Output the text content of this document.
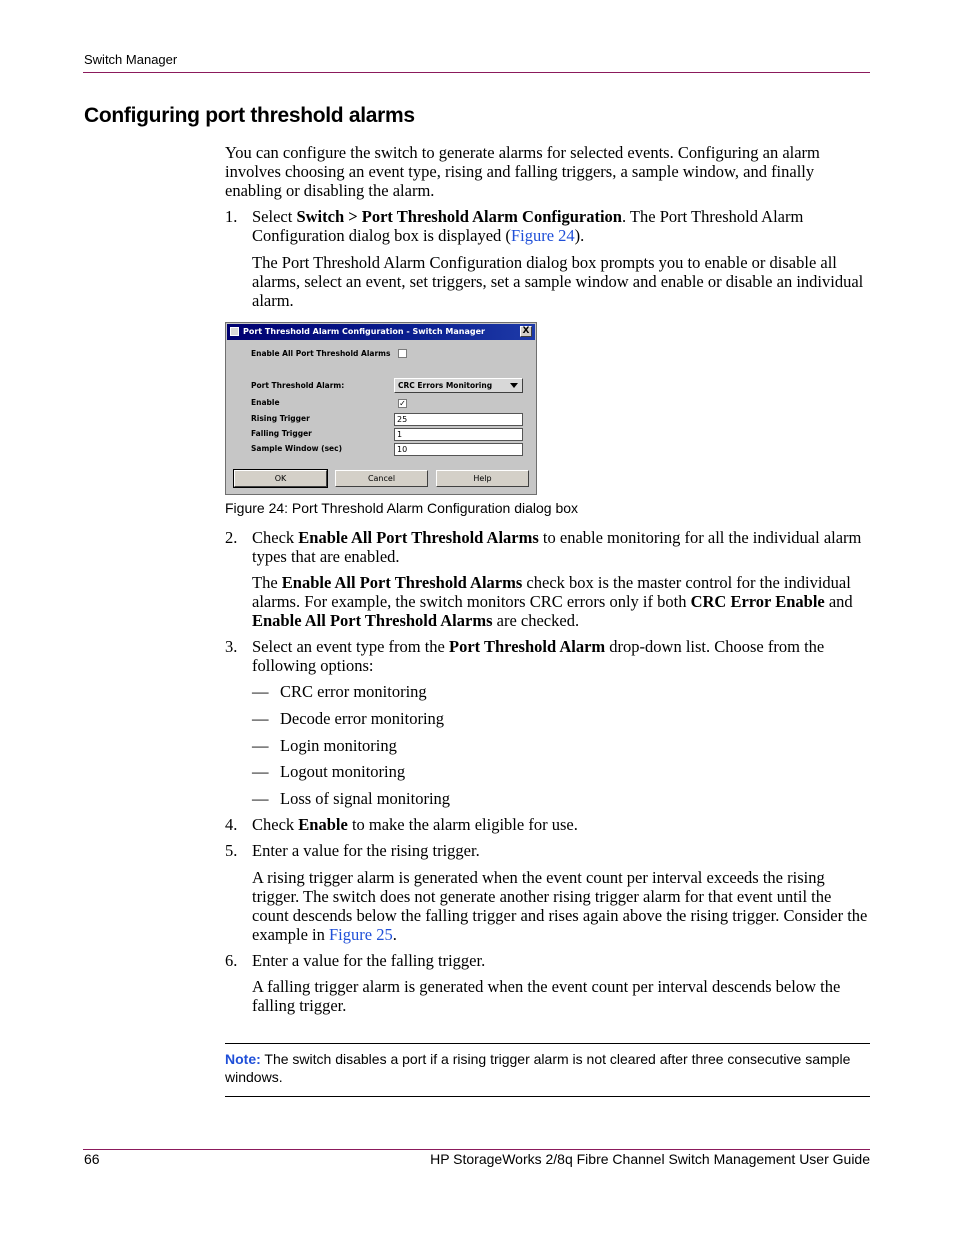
Switch Manager
Configuring port threshold alarms
You can configure the switch to generate alarms for selected events. Configuring an alarm involves choosing an event type, rising and falling triggers, a sample window, and finally enabling or disabling the alarm.
1. Select Switch > Port Threshold Alarm Configuration. The Port Threshold Alarm Configuration dialog box is displayed (Figure 24).
The Port Threshold Alarm Configuration dialog box prompts you to enable or disable all alarms, select an event, set triggers, set a sample window and enable or disable an individual alarm.
Port Threshold Alarm Configuration - Switch Manager	X
Enable All Port Threshold Alarms
Port Threshold Alarm:	CRC Errors Monitoring
Enable	✓
Rising Trigger	25
Falling Trigger	1
Sample Window (sec)	10
OK	Cancel	Help
Figure 24: Port Threshold Alarm Configuration dialog box
2. Check Enable All Port Threshold Alarms to enable monitoring for all the individual alarm types that are enabled.
The Enable All Port Threshold Alarms check box is the master control for the individual alarms. For example, the switch monitors CRC errors only if both CRC Error Enable and Enable All Port Threshold Alarms are checked.
3. Select an event type from the Port Threshold Alarm drop-down list. Choose from the following options:
— CRC error monitoring
— Decode error monitoring
— Login monitoring
— Logout monitoring
— Loss of signal monitoring
4. Check Enable to make the alarm eligible for use.
5. Enter a value for the rising trigger.
A rising trigger alarm is generated when the event count per interval exceeds the rising trigger. The switch does not generate another rising trigger alarm for that event until the count descends below the falling trigger and rises again above the rising trigger. Consider the example in Figure 25.
6. Enter a value for the falling trigger.
A falling trigger alarm is generated when the event count per interval descends below the falling trigger.
Note: The switch disables a port if a rising trigger alarm is not cleared after three consecutive sample windows.
66	HP StorageWorks 2/8q Fibre Channel Switch Management User Guide
